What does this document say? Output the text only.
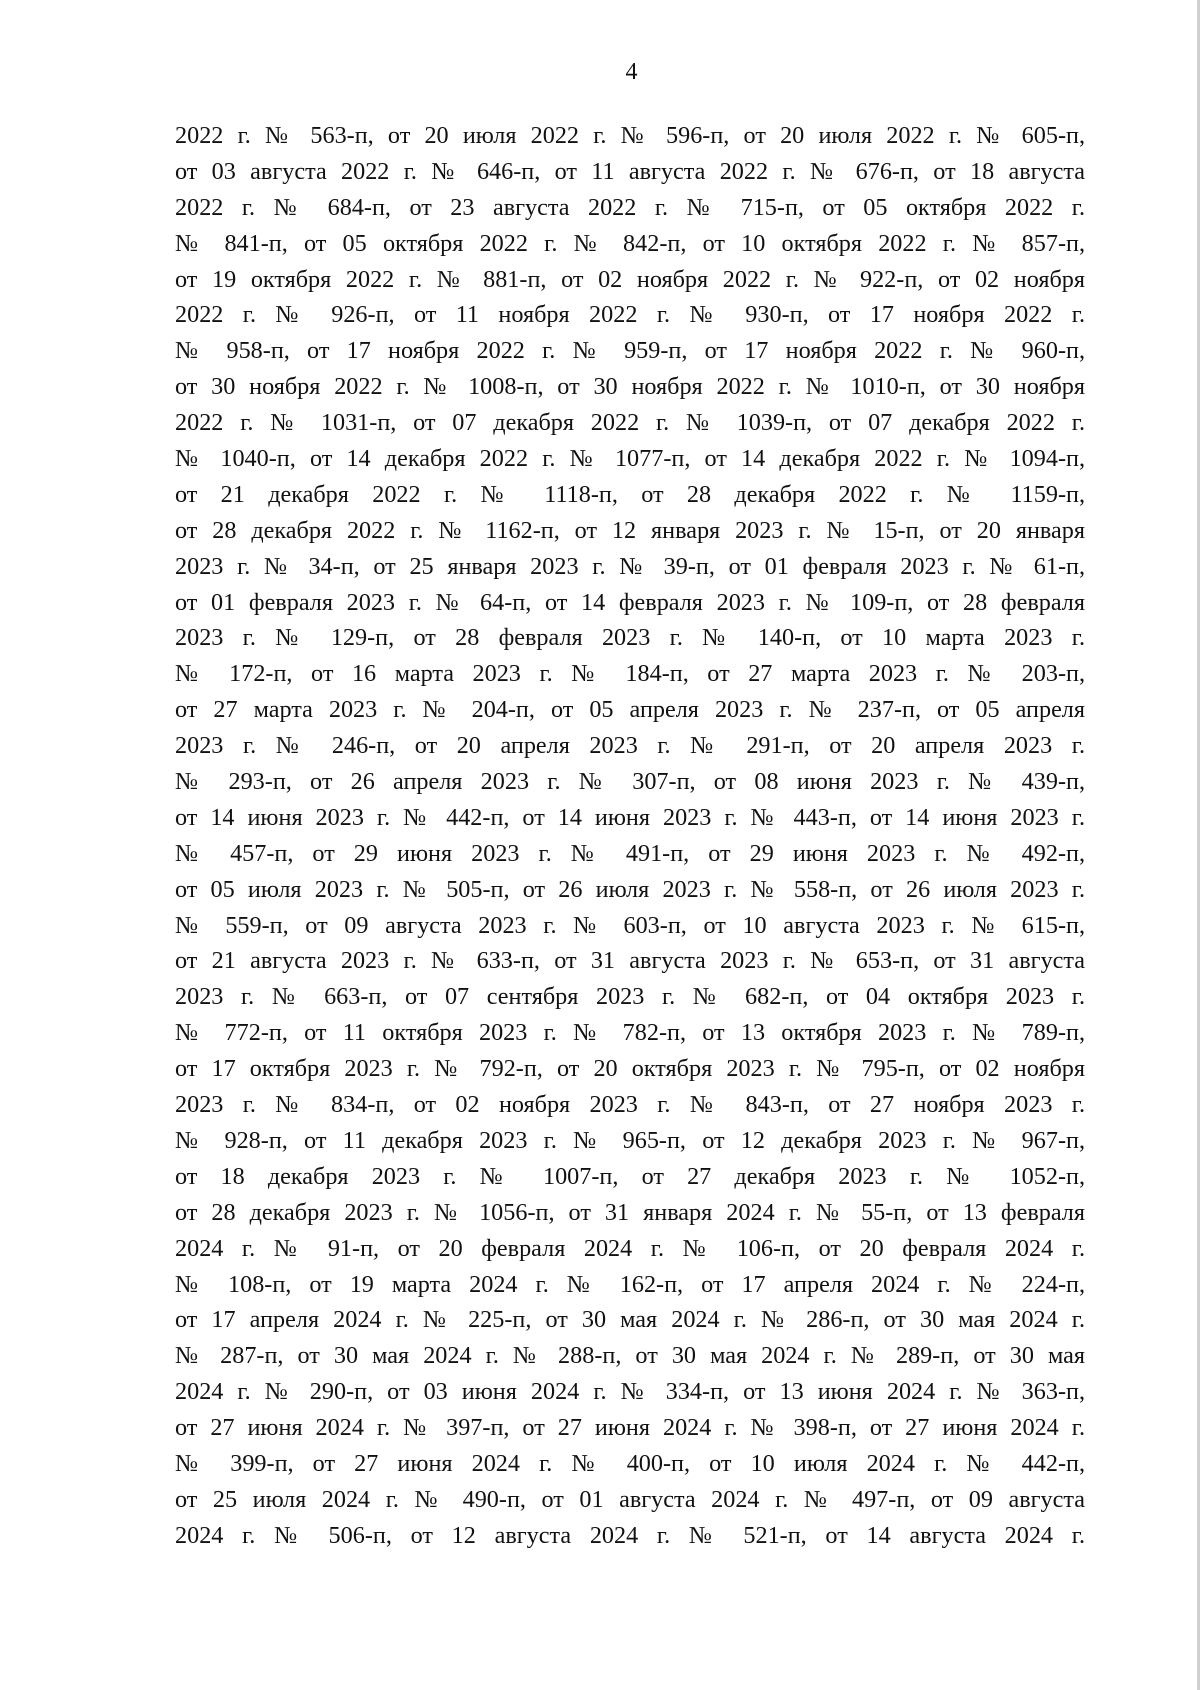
4
2022 г. № 563-п, от 20 июля 2022 г. № 596-п, от 20 июля 2022 г. № 605-п,
от 03 августа 2022 г. № 646-п, от 11 августа 2022 г. № 676-п, от 18 августа
2022 г. № 684-п, от 23 августа 2022 г. № 715-п, от 05 октября 2022 г.
№ 841-п, от 05 октября 2022 г. № 842-п, от 10 октября 2022 г. № 857-п,
от 19 октября 2022 г. № 881-п, от 02 ноября 2022 г. № 922-п, от 02 ноября
2022 г. № 926-п, от 11 ноября 2022 г. № 930-п, от 17 ноября 2022 г.
№ 958-п, от 17 ноября 2022 г. № 959-п, от 17 ноября 2022 г. № 960-п,
от 30 ноября 2022 г. № 1008-п, от 30 ноября 2022 г. № 1010-п, от 30 ноября
2022 г. № 1031-п, от 07 декабря 2022 г. № 1039-п, от 07 декабря 2022 г.
№ 1040-п, от 14 декабря 2022 г. № 1077-п, от 14 декабря 2022 г. № 1094-п,
от 21 декабря 2022 г. № 1118-п, от 28 декабря 2022 г. № 1159-п,
от 28 декабря 2022 г. № 1162-п, от 12 января 2023 г. № 15-п, от 20 января
2023 г. № 34-п, от 25 января 2023 г. № 39-п, от 01 февраля 2023 г. № 61-п,
от 01 февраля 2023 г. № 64-п, от 14 февраля 2023 г. № 109-п, от 28 февраля
2023 г. № 129-п, от 28 февраля 2023 г. № 140-п, от 10 марта 2023 г.
№ 172-п, от 16 марта 2023 г. № 184-п, от 27 марта 2023 г. № 203-п,
от 27 марта 2023 г. № 204-п, от 05 апреля 2023 г. № 237-п, от 05 апреля
2023 г. № 246-п, от 20 апреля 2023 г. № 291-п, от 20 апреля 2023 г.
№ 293-п, от 26 апреля 2023 г. № 307-п, от 08 июня 2023 г. № 439-п,
от 14 июня 2023 г. № 442-п, от 14 июня 2023 г. № 443-п, от 14 июня 2023 г.
№ 457-п, от 29 июня 2023 г. № 491-п, от 29 июня 2023 г. № 492-п,
от 05 июля 2023 г. № 505-п, от 26 июля 2023 г. № 558-п, от 26 июля 2023 г.
№ 559-п, от 09 августа 2023 г. № 603-п, от 10 августа 2023 г. № 615-п,
от 21 августа 2023 г. № 633-п, от 31 августа 2023 г. № 653-п, от 31 августа
2023 г. № 663-п, от 07 сентября 2023 г. № 682-п, от 04 октября 2023 г.
№ 772-п, от 11 октября 2023 г. № 782-п, от 13 октября 2023 г. № 789-п,
от 17 октября 2023 г. № 792-п, от 20 октября 2023 г. № 795-п, от 02 ноября
2023 г. № 834-п, от 02 ноября 2023 г. № 843-п, от 27 ноября 2023 г.
№ 928-п, от 11 декабря 2023 г. № 965-п, от 12 декабря 2023 г. № 967-п,
от 18 декабря 2023 г. № 1007-п, от 27 декабря 2023 г. № 1052-п,
от 28 декабря 2023 г. № 1056-п, от 31 января 2024 г. № 55-п, от 13 февраля
2024 г. № 91-п, от 20 февраля 2024 г. № 106-п, от 20 февраля 2024 г.
№ 108-п, от 19 марта 2024 г. № 162-п, от 17 апреля 2024 г. № 224-п,
от 17 апреля 2024 г. № 225-п, от 30 мая 2024 г. № 286-п, от 30 мая 2024 г.
№ 287-п, от 30 мая 2024 г. № 288-п, от 30 мая 2024 г. № 289-п, от 30 мая
2024 г. № 290-п, от 03 июня 2024 г. № 334-п, от 13 июня 2024 г. № 363-п,
от 27 июня 2024 г. № 397-п, от 27 июня 2024 г. № 398-п, от 27 июня 2024 г.
№ 399-п, от 27 июня 2024 г. № 400-п, от 10 июля 2024 г. № 442-п,
от 25 июля 2024 г. № 490-п, от 01 августа 2024 г. № 497-п, от 09 августа
2024 г. № 506-п, от 12 августа 2024 г. № 521-п, от 14 августа 2024 г.
